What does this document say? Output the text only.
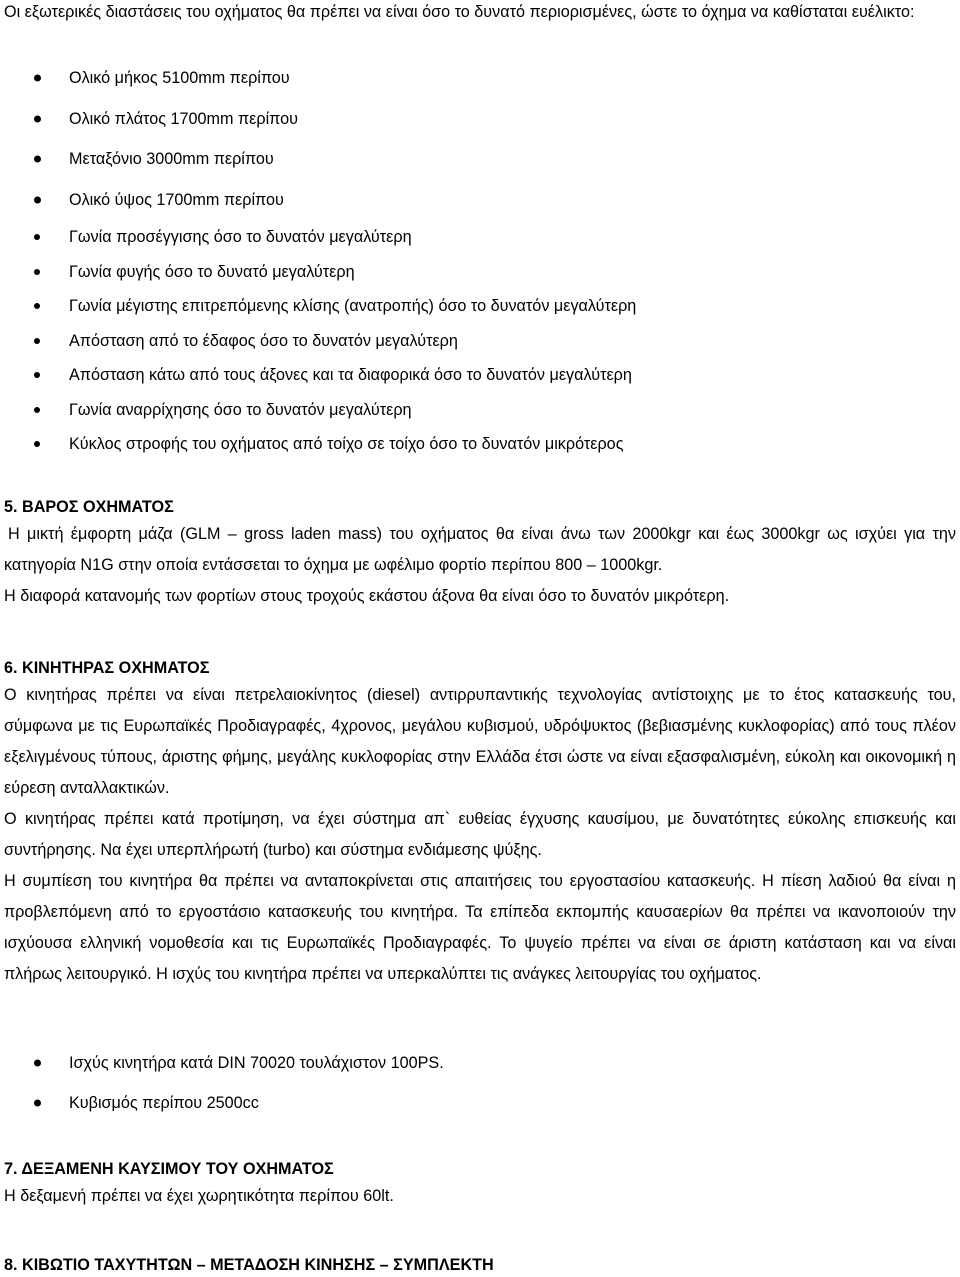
Οι εξωτερικές διαστάσεις του οχήματος θα πρέπει να είναι όσο το δυνατό περιορισμένες, ώστε το όχημα να καθίσταται ευέλικτο:

Ολικό μήκος 5100mm περίπου
Ολικό πλάτος 1700mm περίπου
Μεταξόνιο 3000mm περίπου
Ολικό ύψος 1700mm περίπου
Γωνία προσέγγισης όσο το δυνατόν μεγαλύτερη
Γωνία φυγής όσο το δυνατό μεγαλύτερη
Γωνία μέγιστης επιτρεπόμενης κλίσης (ανατροπής) όσο το δυνατόν μεγαλύτερη
Απόσταση από το έδαφος όσο το δυνατόν μεγαλύτερη
Απόσταση κάτω από τους άξονες και τα διαφορικά όσο το δυνατόν μεγαλύτερη
Γωνία αναρρίχησης όσο το δυνατόν μεγαλύτερη
Κύκλος στροφής του οχήματος από τοίχο σε τοίχο όσο το δυνατόν μικρότερος
5. ΒΑΡΟΣ ΟΧΗΜΑΤΟΣ

Η μικτή έμφορτη μάζα (GLM – gross laden mass) του οχήματος θα είναι άνω των 2000kgr και έως 3000kgr ως ισχύει για την κατηγορία N1G στην οποία εντάσσεται το όχημα με ωφέλιμο φορτίο περίπου 800 – 1000kgr.

Η διαφορά κατανομής των φορτίων στους τροχούς εκάστου άξονα θα είναι όσο το δυνατόν μικρότερη.

6. ΚΙΝΗΤΗΡΑΣ ΟΧΗΜΑΤΟΣ

Ο κινητήρας πρέπει να είναι πετρελαιοκίνητος (diesel) αντιρρυπαντικής τεχνολογίας αντίστοιχης με το έτος κατασκευής του, σύμφωνα με τις Ευρωπαϊκές Προδιαγραφές, 4χρονος, μεγάλου κυβισμού, υδρόψυκτος (βεβιασμένης κυκλοφορίας) από τους πλέον εξελιγμένους τύπους, άριστης φήμης, μεγάλης κυκλοφορίας στην Ελλάδα έτσι ώστε να είναι εξασφαλισμένη, εύκολη και οικονομική η εύρεση ανταλλακτικών.

Ο κινητήρας πρέπει κατά προτίμηση, να έχει σύστημα απ` ευθείας έγχυσης καυσίμου, με δυνατότητες εύκολης επισκευής και συντήρησης. Να έχει υπερπλήρωτή (turbo) και σύστημα ενδιάμεσης ψύξης.

Η συμπίεση του κινητήρα θα πρέπει να ανταποκρίνεται στις απαιτήσεις του εργοστασίου κατασκευής. Η πίεση λαδιού θα είναι η προβλεπόμενη από το εργοστάσιο κατασκευής του κινητήρα. Τα επίπεδα εκπομπής καυσαερίων θα πρέπει να ικανοποιούν την ισχύουσα ελληνική νομοθεσία και τις Ευρωπαϊκές Προδιαγραφές. Το ψυγείο πρέπει να είναι σε άριστη κατάσταση και να είναι πλήρως λειτουργικό. Η ισχύς του κινητήρα πρέπει να υπερκαλύπτει τις ανάγκες λειτουργίας του οχήματος.

Ισχύς κινητήρα κατά DIN 70020 τουλάχιστον 100PS.
Κυβισμός περίπου 2500cc
7. ΔΕΞΑΜΕΝΗ ΚΑΥΣΙΜΟΥ ΤΟΥ ΟΧΗΜΑΤΟΣ

Η δεξαμενή πρέπει να έχει χωρητικότητα περίπου 60lt.

8. ΚΙΒΩΤΙΟ ΤΑΧΥΤΗΤΩΝ – ΜΕΤΑΔΟΣΗ ΚΙΝΗΣΗΣ – ΣΥΜΠΛΕΚΤΗ
